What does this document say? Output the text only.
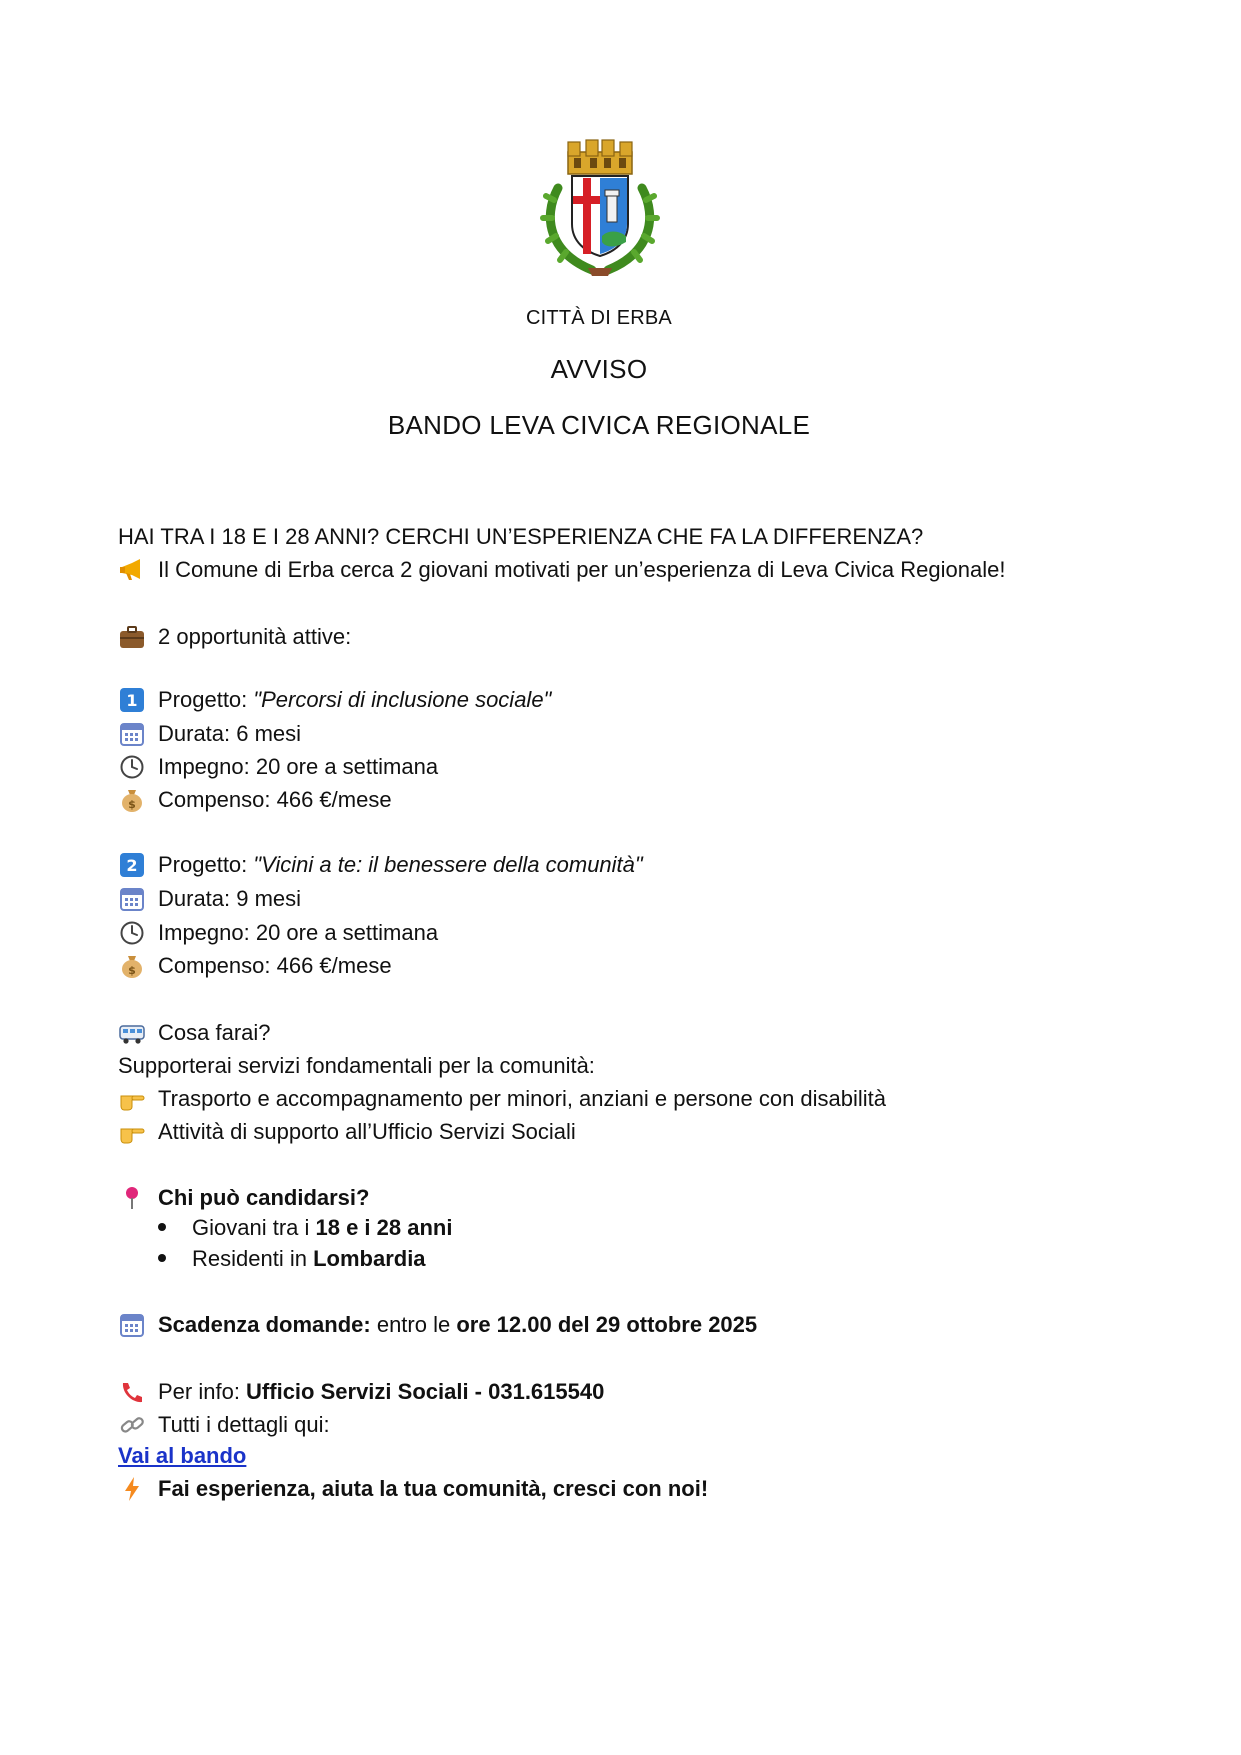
CITTÀ DI ERBA
AVVISO
BANDO LEVA CIVICA REGIONALE
HAI TRA I 18 E I 28 ANNI? CERCHI UN’ESPERIENZA CHE FA LA DIFFERENZA?
Il Comune di Erba cerca 2 giovani motivati per un’esperienza di Leva Civica Regionale!
2 opportunità attive:
1 Progetto: "Percorsi di inclusione sociale"
Durata: 6 mesi
Impegno: 20 ore a settimana
$ Compenso: 466 €/mese
2 Progetto: "Vicini a te: il benessere della comunità"
Durata: 9 mesi
Impegno: 20 ore a settimana
$ Compenso: 466 €/mese
Cosa farai?
Supporterai servizi fondamentali per la comunità:
Trasporto e accompagnamento per minori, anziani e persone con disabilità
Attività di supporto all’Ufficio Servizi Sociali
Chi può candidarsi?
Giovani tra i 18 e i 28 anni
Residenti in Lombardia
Scadenza domande: entro le ore 12.00 del 29 ottobre 2025
Per info: Ufficio Servizi Sociali - 031.615540
Tutti i dettagli qui:
Vai al bando
Fai esperienza, aiuta la tua comunità, cresci con noi!
